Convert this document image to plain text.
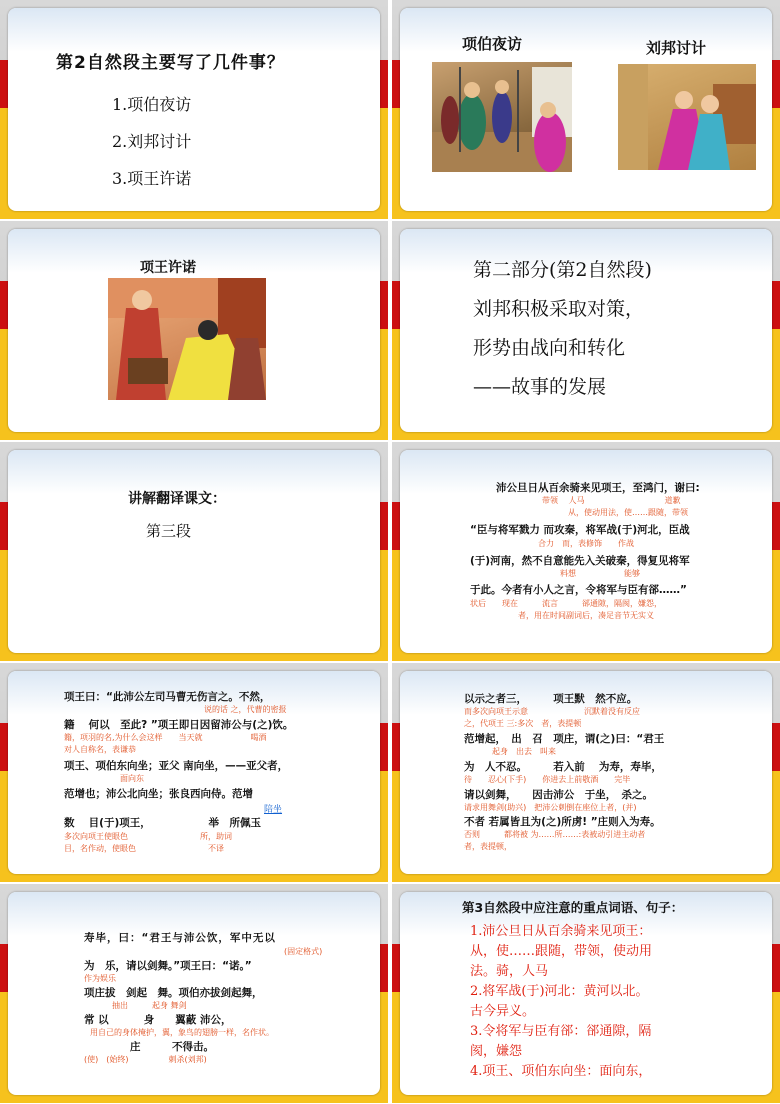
第2自然段主要写了几件事？
1.项伯夜访
2.刘邦讨计
3.项王许诺
项伯夜访	刘邦讨计
项王许诺	第二部分(第2自然段)
刘邦积极采取对策，
形势由战向和转化
——故事的发展
讲解翻译课文：
第三段
沛公旦日从百余骑来见项王，至鸿门，谢曰:
带领　 人马　　　　　　　　　　道歉
从，使动用法，使……跟随，带领
“臣与将军戮力 而攻秦，将军战(于)河北，臣战
合力　而，表修饰　　作战
(于)河南，然不自意能先入关破秦，得复见将军
料想　　　　　　能够
于此。今者有小人之言，令将军与臣有郤……”
状后　　现在　　　流言　　　郤通隙，隔阂，嫌怨，
者，用在时间副词后，凑足音节无实义
项王曰：“此沛公左司马曹无伤言之。不然，
说的话 之，代曹的密报
籍　 何以　至此? ”项王即日因留沛公与(之)饮。
籍，项羽的名,为什么会这样　　当天就　　　　　　喝酒
对人自称名，表谦恭
项王、项伯东向坐；亚父 南向坐，——亚父者，
面向东
范增也；沛公北向坐；张良西向侍。范增
陪坐
数　 目(于)项王，　　　　　　举　所佩玉
多次向项王使眼色　　　　　　　　　所，助词
目，名作动，使眼色　　　　　　　　　不译
以示之者三，　　　项王默　然不应。
而多次向项王示意　　　　　　　沉默着没有反应
之，代项王 三:多次　者，表提顿
范增起，　出　召　项庄，谓(之)曰：“君王
起身　出去　叫来
为　人不忍。　　　若入前　 为寿，寿毕，
待　　忍心(下手)　　你进去上前敬酒　　完毕
请以剑舞，　　因击沛公　于坐，　杀之。
请求用舞剑(助兴)　把沛公刺倒在座位上者，(并)
不者 若属皆且为(之)所虏! ”庄则入为寿。
否则　　　都将被 为……所……:表被动引进主动者
者，表提顿，
寿毕，曰：“君王与沛公饮，军中无以
(固定格式)
为　乐，请以剑舞。”项王曰：“诺。”
作为娱乐
项庄拔　剑起　舞。项伯亦拔剑起舞，
抽出　　　起身 舞剑
常 以　　　 身　　翼蔽 沛公，
用自己的身体掩护，翼，象鸟的翅膀一样，名作状。
庄　　　不得击。
(使)　(始终)　　　　　刺杀(刘邦)
第3自然段中应注意的重点词语、句子：
1.沛公旦日从百余骑来见项王：
从，使……跟随，带领，使动用
法。骑，人马
2.将军战(于)河北：黄河以北。
古今异义。
3.令将军与臣有郤：郤通隙，隔
阂，嫌怨
4.项王、项伯东向坐：面向东，
